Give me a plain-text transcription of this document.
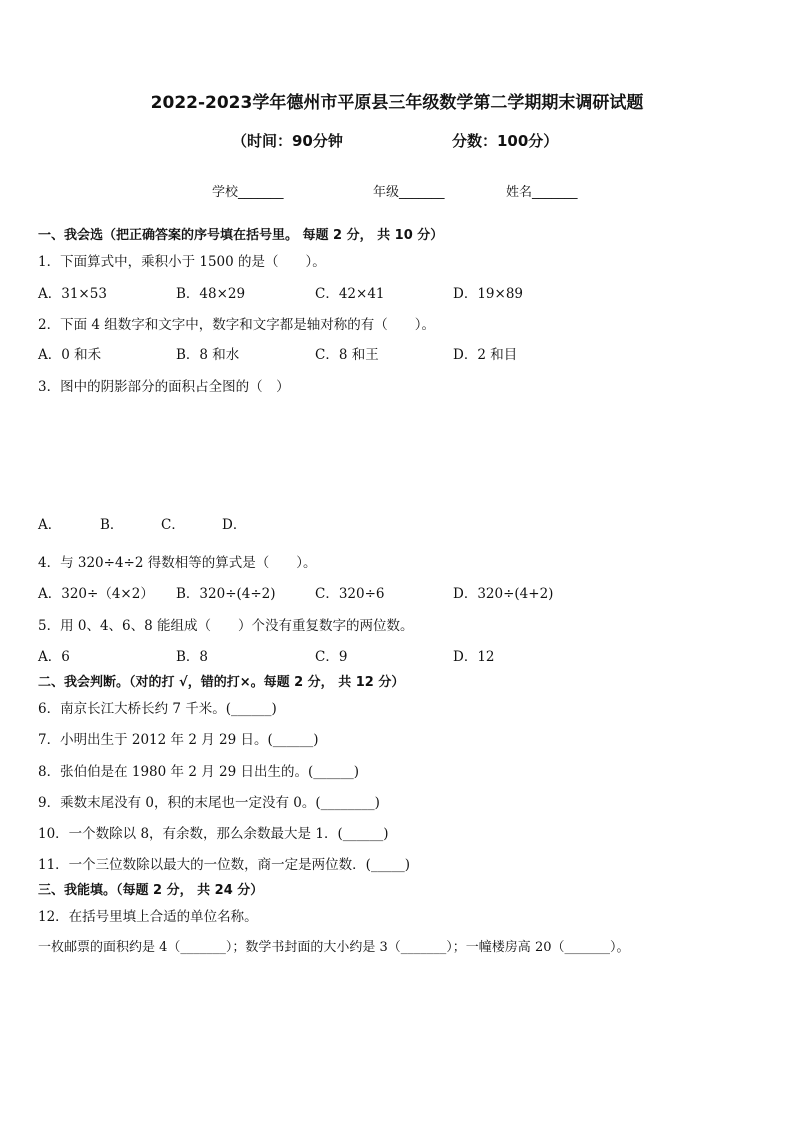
2022-2023学年德州市平原县三年级数学第二学期期末调研试题
（时间：90分钟	分数：100分）
学校_______	年级_______	姓名_______
一、我会选（把正确答案的序号填在括号里。 每题 2 分， 共 10 分）
1．下面算式中，乘积小于 1500 的是（　　）。
A．31×53	B．48×29	C．42×41	D．19×89
2．下面 4 组数字和文字中，数字和文字都是轴对称的有（　　）。
A．0 和禾	B．8 和水	C．8 和王	D．2 和目
3．图中的阴影部分的面积占全图的（　）
A．	B．	C．	D．
4．与 320÷4÷2 得数相等的算式是（　　）。
A．320÷（4×2） B．320÷(4÷2)	C．320÷6	D．320÷(4+2)
5．用 0、4、6、8 能组成（　　）个没有重复数字的两位数。
A．6	B．8	C．9	D．12
二、我会判断。（对的打 √，错的打×。每题 2 分， 共 12 分）
6．南京长江大桥长约 7 千米。(______)
7．小明出生于 2012 年 2 月 29 日。(______)
8．张伯伯是在 1980 年 2 月 29 日出生的。(______)
9．乘数末尾没有 0，积的末尾也一定没有 0。(________)
10．一个数除以 8，有余数，那么余数最大是 1．(______)
11．一个三位数除以最大的一位数，商一定是两位数．(_____)
三、我能填。（每题 2 分， 共 24 分）
12．在括号里填上合适的单位名称。
一枚邮票的面积约是 4（_______）；数学书封面的大小约是 3（_______）；一幢楼房高 20（_______）。
